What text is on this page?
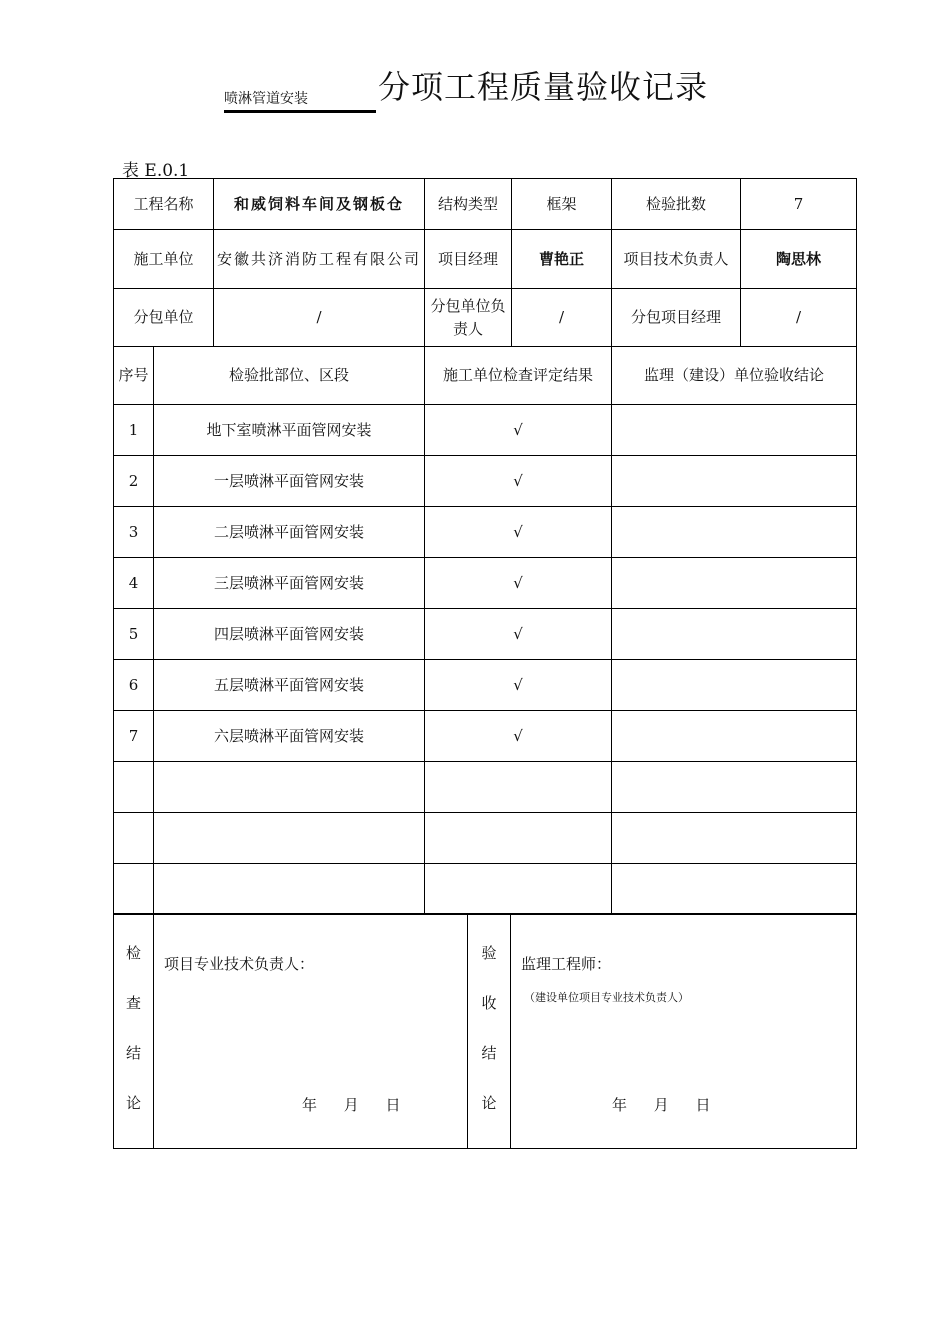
喷淋管道安装 分项工程质量验收记录
表 E.0.1
工程名称		和威饲料车间及钢板仓	结构类型	框架	检验批数	7
施工单位		安徽共济消防工程有限公司	项目经理	曹艳正	项目技术负责人	陶思林
分包单位		/	分包单位负责人	/	分包项目经理	/
序号	检验批部位、区段		施工单位检查评定结果		监理（建设）单位验收结论	
1	地下室喷淋平面管网安装		√			
2	一层喷淋平面管网安装		√			
3	二层喷淋平面管网安装		√			
4	三层喷淋平面管网安装		√			
5	四层喷淋平面管网安装		√			
6	五层喷淋平面管网安装		√			
7	六层喷淋平面管网安装		√			

检
查
结
论

项目专业技术负责人：
年 月 日

验
收
结
论

监理工程师：
（建设单位项目专业技术负责人）
年 月 日
